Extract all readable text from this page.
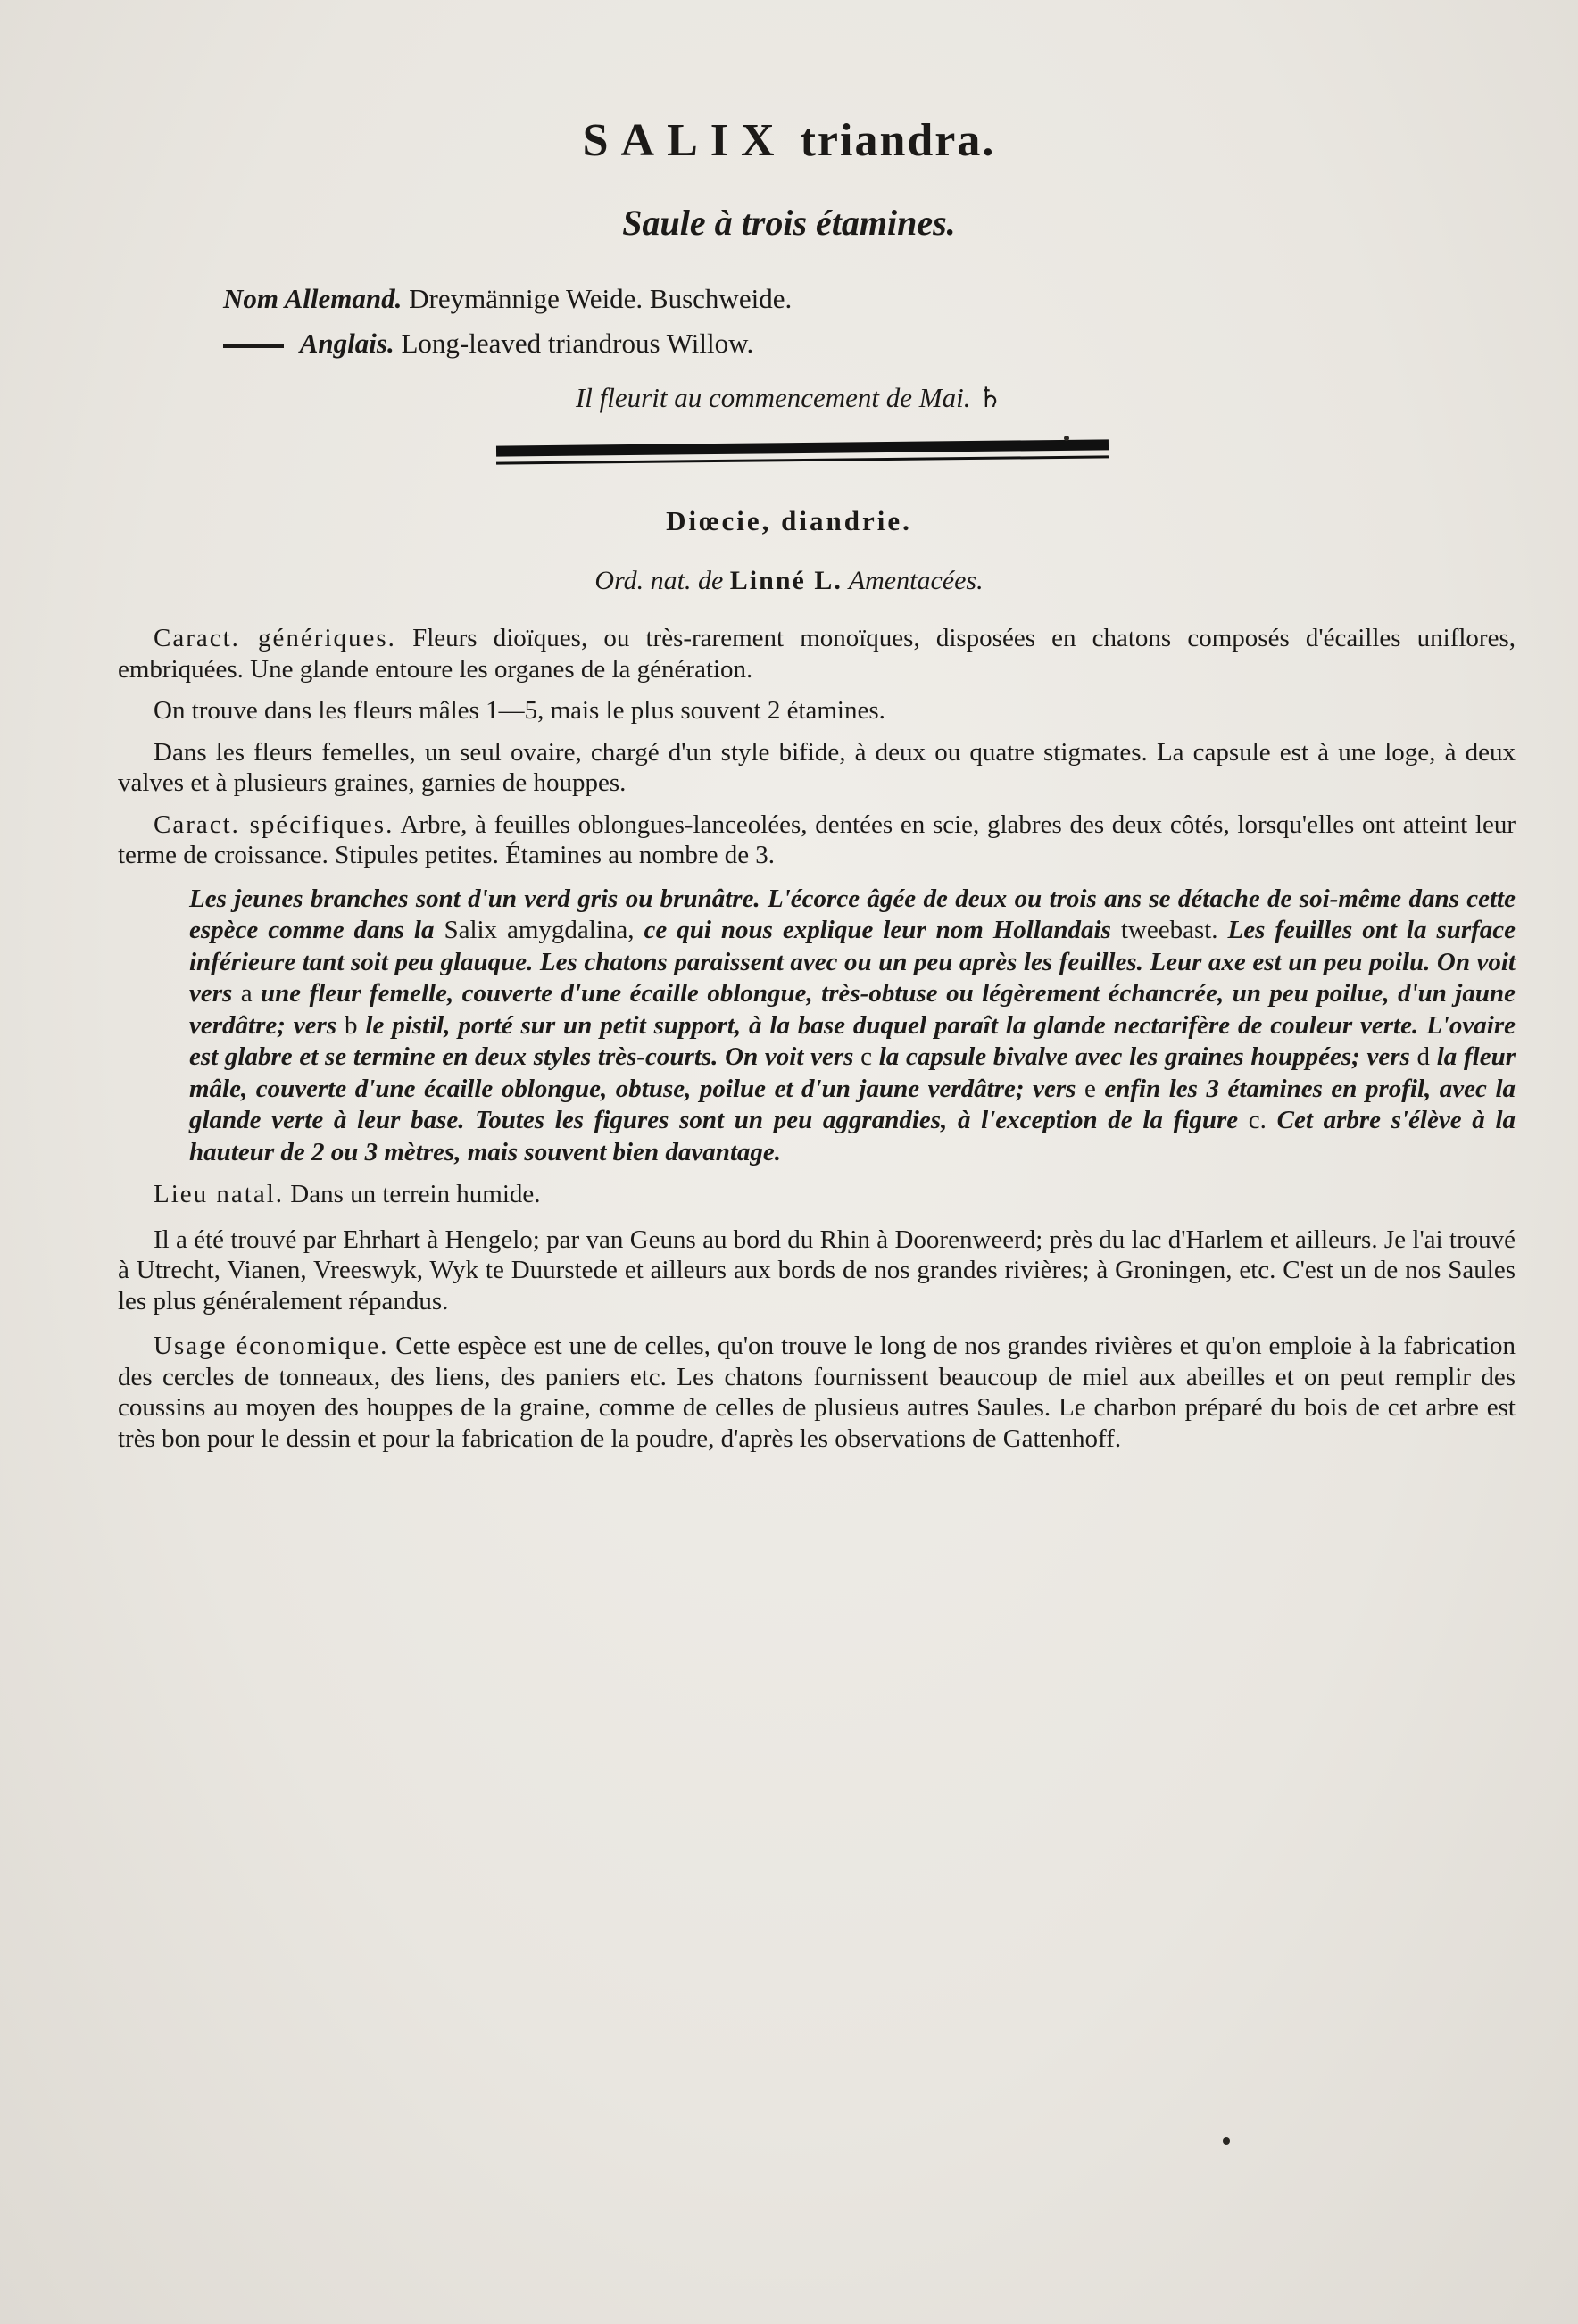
SALIX triandra.
Saule à trois étamines.
Nom Allemand. Dreymännige Weide. Buschweide.
Anglais. Long-leaved triandrous Willow.
Il fleurit au commencement de Mai. ♄
Diœcie, diandrie.
Ord. nat. de Linné L. Amentacées.

Caract. génériques. Fleurs dioïques, ou très-rarement monoïques, disposées en chatons composés d'écailles uniflores, embriquées. Une glande entoure les organes de la génération.

On trouve dans les fleurs mâles 1—5, mais le plus souvent 2 étamines.

Dans les fleurs femelles, un seul ovaire, chargé d'un style bifide, à deux ou quatre stigmates. La capsule est à une loge, à deux valves et à plusieurs graines, garnies de houppes.

Caract. spécifiques. Arbre, à feuilles oblongues-lanceolées, dentées en scie, glabres des deux côtés, lorsqu'elles ont atteint leur terme de croissance. Stipules petites. Étamines au nombre de 3.

Les jeunes branches sont d'un verd gris ou brunâtre. L'écorce âgée de deux ou trois ans se détache de soi-même dans cette espèce comme dans la Salix amygdalina, ce qui nous explique leur nom Hollandais tweebast. Les feuilles ont la surface inférieure tant soit peu glauque. Les chatons paraissent avec ou un peu après les feuilles. Leur axe est un peu poilu. On voit vers a une fleur femelle, couverte d'une écaille oblongue, très-obtuse ou légèrement échancrée, un peu poilue, d'un jaune verdâtre; vers b le pistil, porté sur un petit support, à la base duquel paraît la glande nectarifère de couleur verte. L'ovaire est glabre et se termine en deux styles très-courts. On voit vers c la capsule bivalve avec les graines houppées; vers d la fleur mâle, couverte d'une écaille oblongue, obtuse, poilue et d'un jaune verdâtre; vers e enfin les 3 étamines en profil, avec la glande verte à leur base. Toutes les figures sont un peu aggrandies, à l'exception de la figure c. Cet arbre s'élève à la hauteur de 2 ou 3 mètres, mais souvent bien davantage.

Lieu natal. Dans un terrein humide.

Il a été trouvé par Ehrhart à Hengelo; par van Geuns au bord du Rhin à Doorenweerd; près du lac d'Harlem et ailleurs. Je l'ai trouvé à Utrecht, Vianen, Vreeswyk, Wyk te Duurstede et ailleurs aux bords de nos grandes rivières; à Groningen, etc. C'est un de nos Saules les plus généralement répandus.

Usage économique. Cette espèce est une de celles, qu'on trouve le long de nos grandes rivières et qu'on emploie à la fabrication des cercles de tonneaux, des liens, des paniers etc. Les chatons fournissent beaucoup de miel aux abeilles et on peut remplir des coussins au moyen des houppes de la graine, comme de celles de plusieus autres Saules. Le charbon préparé du bois de cet arbre est très bon pour le dessin et pour la fabrication de la poudre, d'après les observations de Gattenhoff.
